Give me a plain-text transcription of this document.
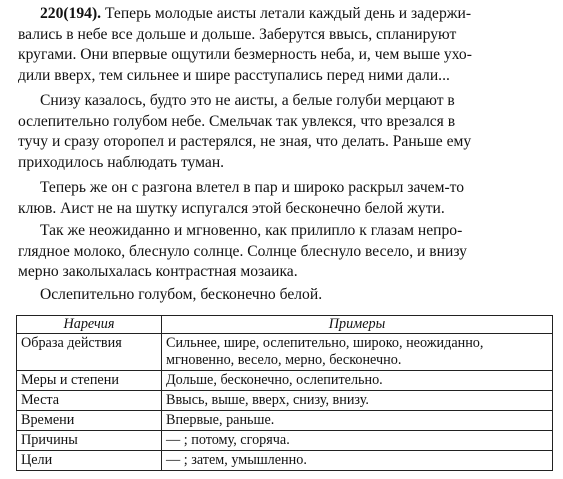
220(194). Теперь молодые аисты летали каждый день и задержи-
вались в небе все дольше и дольше. Заберутся ввысь, спланируют
кругами. Они впервые ощутили безмерность неба, и, чем выше ухо-
дили вверх, тем сильнее и шире расступались перед ними дали...
Снизу казалось, будто это не аисты, а белые голуби мерцают в
ослепительно голубом небе. Смельчак так увлекся, что врезался в
тучу и сразу оторопел и растерялся, не зная, что делать. Раньше ему
приходилось наблюдать туман.
Теперь же он с разгона влетел в пар и широко раскрыл зачем-то
клюв. Аист не на шутку испугался этой бесконечно белой жути.
Так же неожиданно и мгновенно, как прилипло к глазам непро-
глядное молоко, блеснуло солнце. Солнце блеснуло весело, и внизу
мерно заколыхалась контрастная мозаика.
Ослепительно голубом, бесконечно белой.
Наречия	Примеры
Образа действия	Сильнее, шире, ослепительно, широко, неожиданно,
мгновенно, весело, мерно, бесконечно.

Меры и степени	Дольше, бесконечно, ослепительно.
Места	Ввысь, выше, вверх, снизу, внизу.
Времени	Впервые, раньше.
Причины	— ; потому, сгоряча.
Цели	— ; затем, умышленно.
